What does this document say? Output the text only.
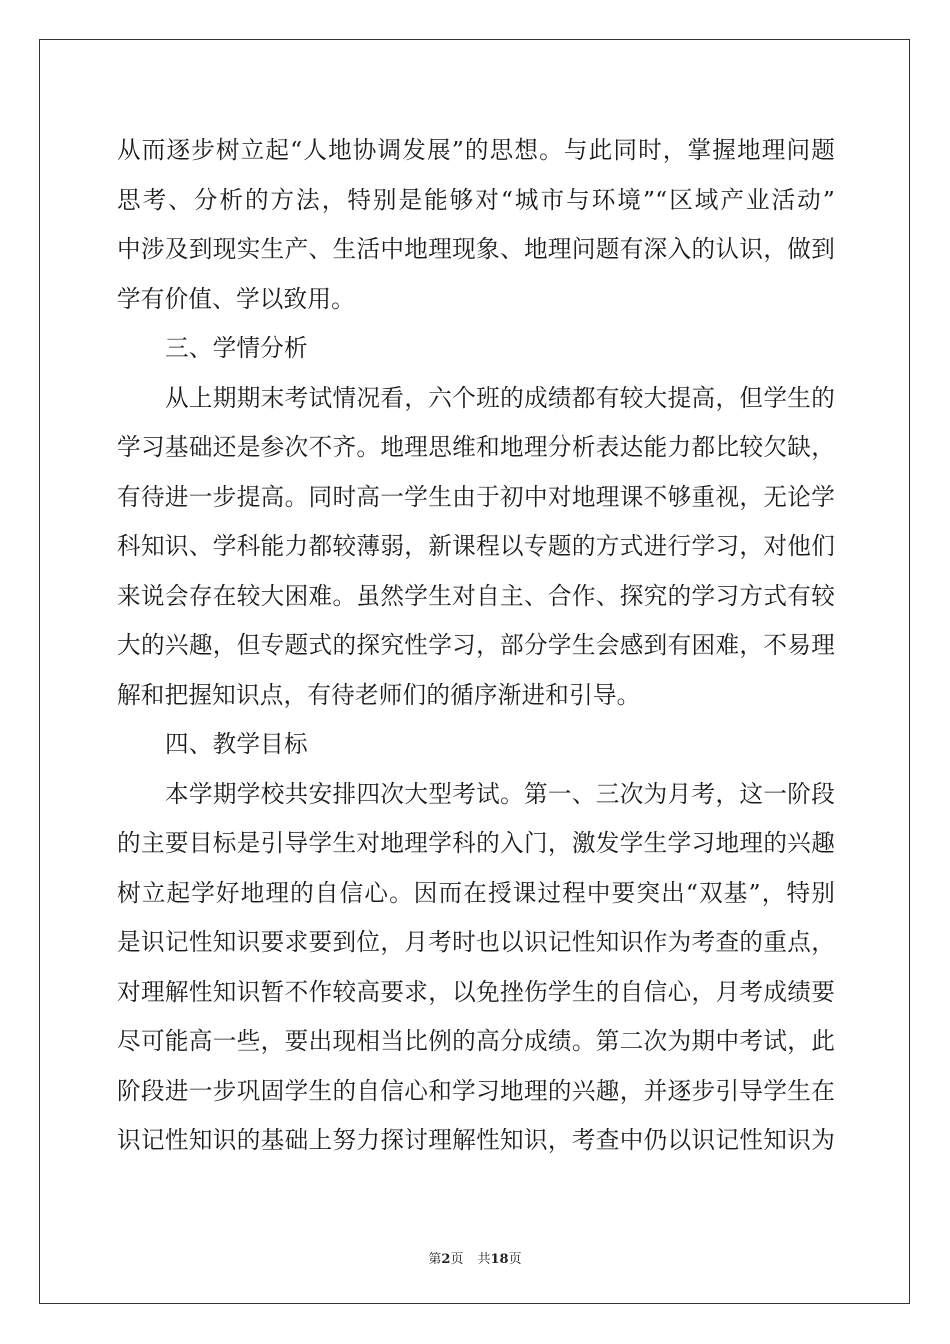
从而逐步树立起“人地协调发展”的思想。与此同时，掌握地理问题
思考、分析的方法，特别是能够对“城市与环境”“区域产业活动”
中涉及到现实生产、生活中地理现象、地理问题有深入的认识，做到
学有价值、学以致用。
三、学情分析
从上期期末考试情况看，六个班的成绩都有较大提高，但学生的
学习基础还是参次不齐。地理思维和地理分析表达能力都比较欠缺，
有待进一步提高。同时高一学生由于初中对地理课不够重视，无论学
科知识、学科能力都较薄弱，新课程以专题的方式进行学习，对他们
来说会存在较大困难。虽然学生对自主、合作、探究的学习方式有较
大的兴趣，但专题式的探究性学习，部分学生会感到有困难，不易理
解和把握知识点，有待老师们的循序渐进和引导。
四、教学目标
本学期学校共安排四次大型考试。第一、三次为月考，这一阶段
的主要目标是引导学生对地理学科的入门，激发学生学习地理的兴趣
树立起学好地理的自信心。因而在授课过程中要突出“双基”，特别
是识记性知识要求要到位，月考时也以识记性知识作为考查的重点，
对理解性知识暂不作较高要求，以免挫伤学生的自信心，月考成绩要
尽可能高一些，要出现相当比例的高分成绩。第二次为期中考试，此
阶段进一步巩固学生的自信心和学习地理的兴趣，并逐步引导学生在
识记性知识的基础上努力探讨理解性知识，考查中仍以识记性知识为
第2页 共18页
